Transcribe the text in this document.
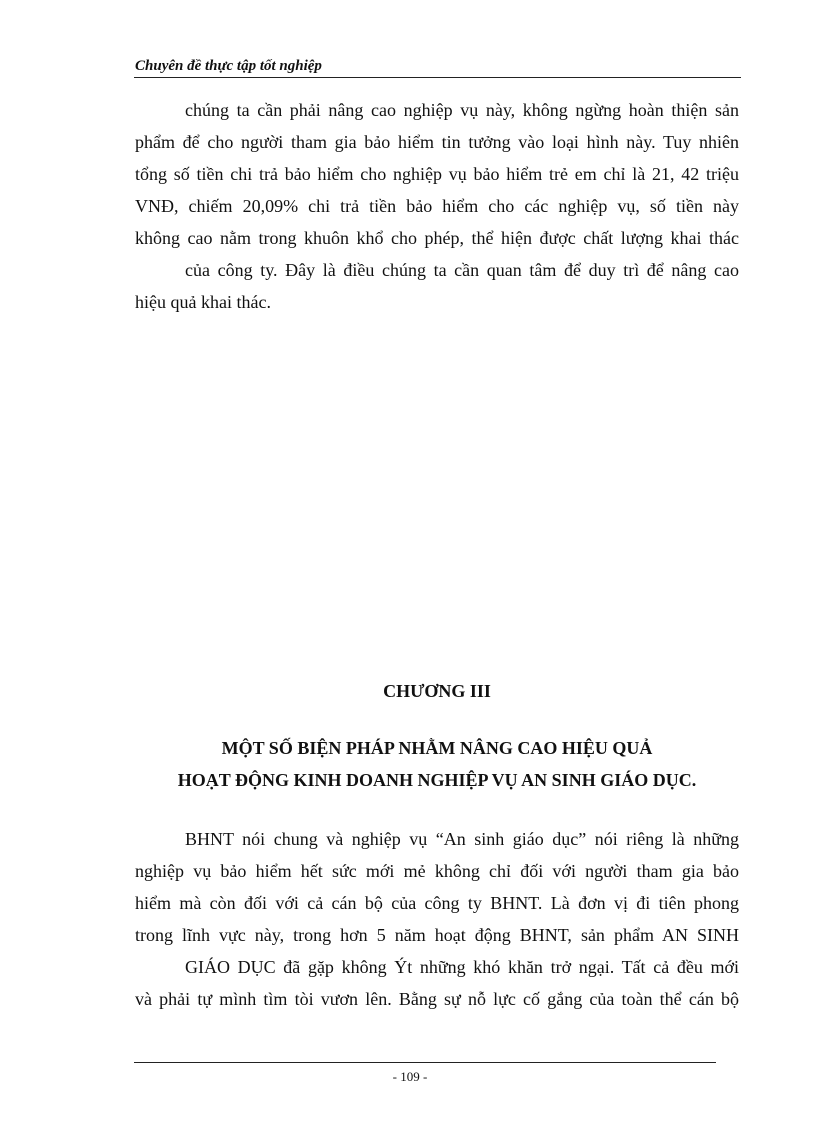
Chuyên đề thực tập tốt nghiệp
chúng ta cần phải nâng cao nghiệp vụ này, không ngừng hoàn thiện sản
phẩm để cho người tham gia bảo hiểm tin tưởng vào loại hình này. Tuy nhiên
tổng số tiền chi trả bảo hiểm cho nghiệp vụ bảo hiểm trẻ em chỉ là 21, 42 triệu
VNĐ, chiếm 20,09% chi trả tiền bảo hiểm cho các nghiệp vụ, số tiền này
không cao nằm trong khuôn khổ cho phép, thể hiện được chất lượng khai thác
của công ty. Đây là điều chúng ta cần quan tâm để duy trì để nâng cao
hiệu quả khai thác.
CHƯƠNG III
MỘT SỐ BIỆN PHÁP NHẰM NÂNG CAO HIỆU QUẢ
HOẠT ĐỘNG KINH DOANH NGHIỆP VỤ AN SINH GIÁO DỤC.
BHNT nói chung và nghiệp vụ “An sinh giáo dục” nói riêng là những
nghiệp vụ bảo hiểm hết sức mới mẻ không chỉ đối với người tham gia bảo
hiểm mà còn đối với cả cán bộ của công ty BHNT. Là đơn vị đi tiên phong
trong lĩnh vực này, trong hơn 5 năm hoạt động BHNT, sản phẩm AN SINH
GIÁO DỤC đã gặp không Ýt những khó khăn trở ngại. Tất cả đều mới
và phải tự mình tìm tòi vươn lên. Bằng sự nỗ lực cố gắng của toàn thể cán bộ
- 109 -
